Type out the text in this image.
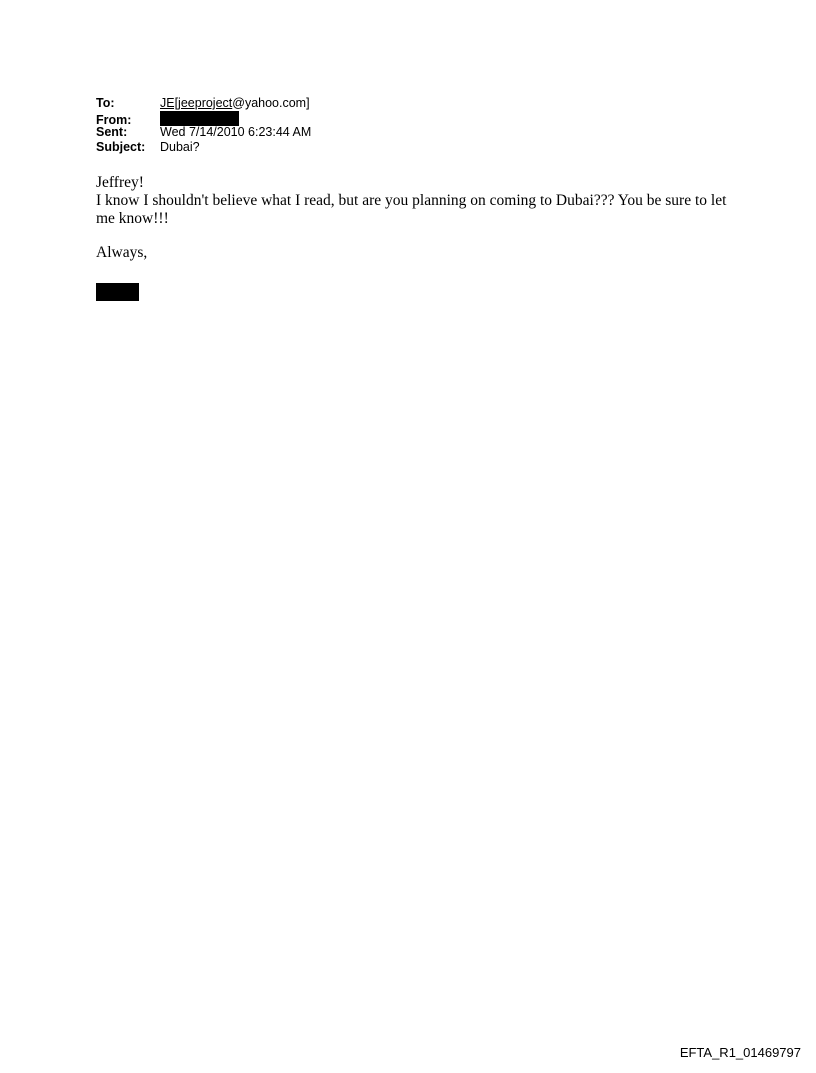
To:	JE[jeeproject@yahoo.com]
From:
Sent:	Wed 7/14/2010 6:23:44 AM
Subject:	Dubai?

Jeffrey!

I know I shouldn't believe what I read, but are you planning on coming to Dubai??? You be sure to let me know!!!

Always,

EFTA_R1_01469797
